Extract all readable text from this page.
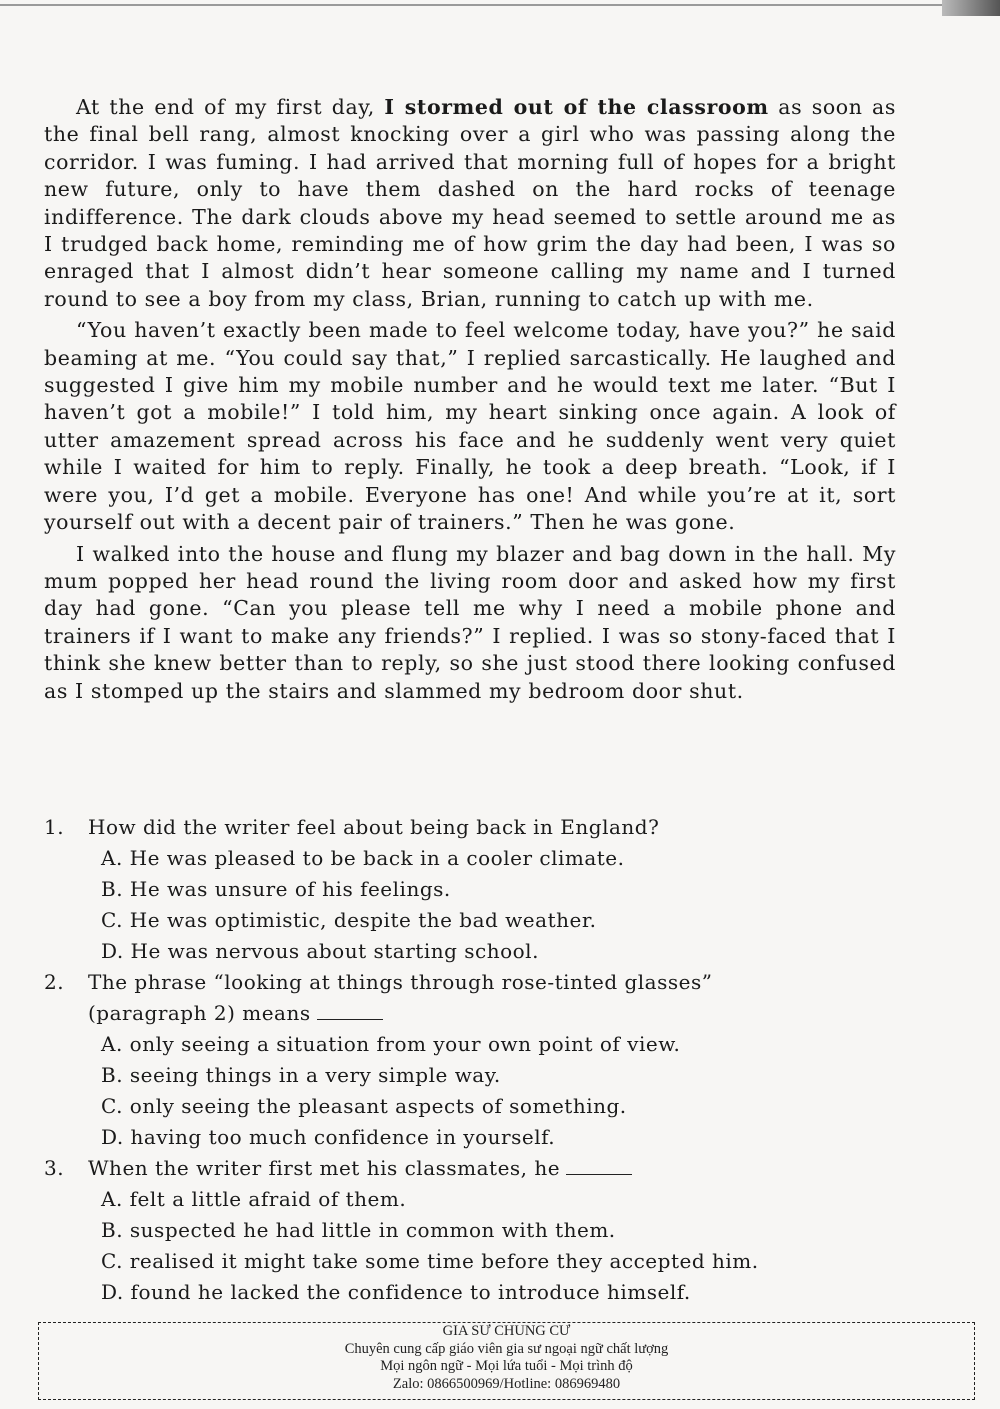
At the end of my first day, I stormed out of the classroom as soon as the final bell rang, almost knocking over a girl who was passing along the corridor. I was fuming. I had arrived that morning full of hopes for a bright new future, only to have them dashed on the hard rocks of teenage indifference. The dark clouds above my head seemed to settle around me as I trudged back home, reminding me of how grim the day had been, I was so enraged that I almost didn’t hear someone calling my name and I turned round to see a boy from my class, Brian, running to catch up with me.

“You haven’t exactly been made to feel welcome today, have you?” he said beaming at me. “You could say that,” I replied sarcastically. He laughed and suggested I give him my mobile number and he would text me later. “But I haven’t got a mobile!” I told him, my heart sinking once again. A look of utter amazement spread across his face and he suddenly went very quiet while I waited for him to reply. Finally, he took a deep breath. “Look, if I were you, I’d get a mobile. Everyone has one! And while you’re at it, sort yourself out with a decent pair of trainers.” Then he was gone.

I walked into the house and flung my blazer and bag down in the hall. My mum popped her head round the living room door and asked how my first day had gone. “Can you please tell me why I need a mobile phone and trainers if I want to make any friends?” I replied. I was so stony-faced that I think she knew better than to reply, so she just stood there looking confused as I stomped up the stairs and slammed my bedroom door shut.

1. How did the writer feel about being back in England?
A. He was pleased to be back in a cooler climate.
B. He was unsure of his feelings.
C. He was optimistic, despite the bad weather.
D. He was nervous about starting school.
2. The phrase “looking at things through rose-tinted glasses”
(paragraph 2) means
A. only seeing a situation from your own point of view.
B. seeing things in a very simple way.
C. only seeing the pleasant aspects of something.
D. having too much confidence in yourself.
3. When the writer first met his classmates, he
A. felt a little afraid of them.
B. suspected he had little in common with them.
C. realised it might take some time before they accepted him.
D. found he lacked the confidence to introduce himself.
GIA SƯ CHUNG CƯ
Chuyên cung cấp giáo viên gia sư ngoại ngữ chất lượng
Mọi ngôn ngữ - Mọi lứa tuổi - Mọi trình độ
Zalo: 0866500969/Hotline: 086969480
